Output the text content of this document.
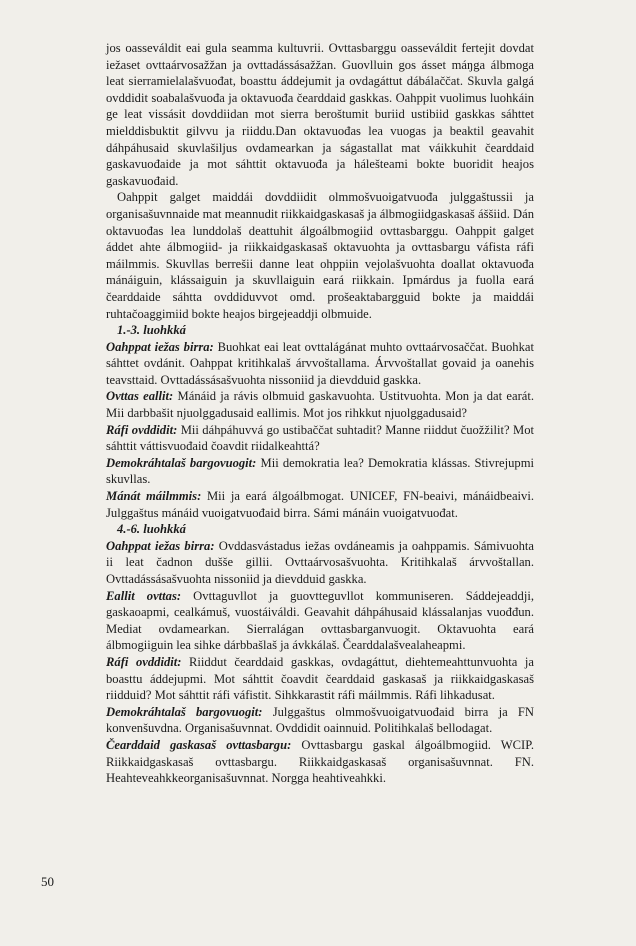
jos oasseváldit eai gula seamma kultuvrii. Ovttasbarggu oasseváldit fertejit dovdat iežaset ovttaárvosažžan ja ovttadássásažžan. Guovlluin gos ásset máŋga álbmoga leat sierramielalašvuođat, boasttu áddejumit ja ovdagáttut dábálaččat. Skuvla galgá ovddidit soabalašvuođa ja oktavuođa čearddaid gaskkas. Oahppit vuolimus luohkáin ge leat vissásit dovddiidan mot sierra beroštumit buriid ustibiid gaskkas sáhttet mielddisbuktit gilvvu ja riiddu.Dan oktavuođas lea vuogas ja beaktil geavahit dáhpáhusaid skuvlašiljus ovdamearkan ja ságastallat mat váikkuhit čearddaid gaskavuođaide ja mot sáhttit oktavuođa ja hálešteami bokte buoridit heajos gaskavuođaid.

Oahppit galget maiddái dovddiidit olmmošvuoigatvuođa julggaštussii ja organisašuvnnaide mat meannudit riikkaidgaskasaš ja álbmogiidgaskasaš áššiid. Dán oktavuođas lea lunddolaš deattuhit álgoálbmogiid ovttasbarggu. Oahppit galget áddet ahte álbmogiid- ja riikkaidgaskasaš oktavuohta ja ovttasbargu váfista ráfi máilmmis. Skuvllas berrešii danne leat ohppiin vejolašvuohta doallat oktavuođa mánáiguin, klássaiguin ja skuvllaiguin eará riikkain. Ipmárdus ja fuolla eará čearddaide sáhtta ovddiduvvot omd. prošeaktabargguid bokte ja maiddái ruhtačoaggimiid bokte heajos birgejeaddji olbmuide.

1.-3. luohkká

Oahppat iežas birra: Buohkat eai leat ovttalágánat muhto ovttaárvosaččat. Buohkat sáhttet ovdánit. Oahppat kritihkalaš árvvoštallama. Árvvoštallat govaid ja oanehis teavsttaid. Ovttadássásašvuohta nissoniid ja dievdduid gaskka.

Ovttas eallit: Mánáid ja rávis olbmuid gaskavuohta. Ustitvuohta. Mon ja dat earát. Mii darbbašit njuolggadusaid eallimis. Mot jos rihkkut njuolggadusaid?

Ráfi ovddidit: Mii dáhpáhuvvá go ustibaččat suhtadit? Manne riiddut čuožžilit? Mot sáhttit váttisvuođaid čoavdit riidalkeahttá?

Demokráhtalaš bargovuogit: Mii demokratia lea? Demokratia klássas. Stivrejupmi skuvllas.

Mánát máilmmis: Mii ja eará álgoálbmogat. UNICEF, FN-beaivi, mánáidbeaivi. Julggaštus mánáid vuoigatvuođaid birra. Sámi mánáin vuoigatvuođat.

4.-6. luohkká

Oahppat iežas birra: Ovddasvástadus iežas ovdáneamis ja oahppamis. Sámivuohta ii leat čadnon duššе gillii. Ovttaárvosašvuohta. Kritihkalaš árvvoštallan. Ovttadássásašvuohta nissoniid ja dievdduid gaskka.

Eallit ovttas: Ovttaguvllot ja guovtteguvllot kommuniseren. Sáddejeaddji, gaskaoapmi, cealkámuš, vuostáiváldi. Geavahit dáhpáhusaid klássalanjas vuođđun. Mediat ovdamearkan. Sierralágan ovttasbarganvuogit. Oktavuohta eará álbmogiiguin lea sihke dárbbašlaš ja ávkkálaš. Čearddalašvealaheapmi.

Ráfi ovddidit: Riiddut čearddaid gaskkas, ovdagáttut, diehtemeahttunvuohta ja boasttu áddejupmi. Mot sáhttit čoavdit čearddaid gaskasaš ja riikkaidgaskasaš riidduid? Mot sáhttit ráfi váfistit. Sihkkarastit ráfi máilmmis. Ráfi lihkadusat.

Demokráhtalaš bargovuogit: Julggaštus olmmošvuoigatvuođaid birra ja FN konvenšuvdna. Organisašuvnnat. Ovddidit oainnuid. Politihkalaš bellodagat.

Čearddaid gaskasaš ovttasbargu: Ovttasbargu gaskal álgoálbmogiid. WCIP. Riikkaidgaskasaš ovttasbargu. Riikkaidgaskasaš organisašuvnnat. FN. Heahteveahkkeorganisašuvnnat. Norgga heahtiveahkki.

50
